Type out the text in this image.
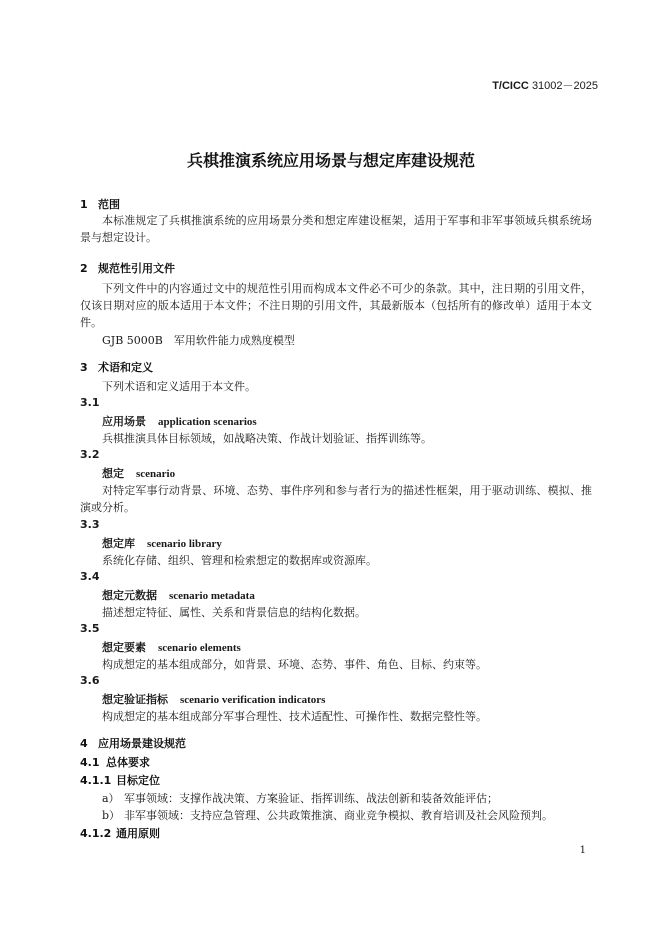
T/CICC 31002－2025
兵棋推演系统应用场景与想定库建设规范
1 范围
本标准规定了兵棋推演系统的应用场景分类和想定库建设框架，适用于军事和非军事领域兵棋系统场景与想定设计。
2 规范性引用文件
下列文件中的内容通过文中的规范性引用而构成本文件必不可少的条款。其中，注日期的引用文件，仅该日期对应的版本适用于本文件；不注日期的引用文件，其最新版本（包括所有的修改单）适用于本文件。
GJB 5000B　军用软件能力成熟度模型
3 术语和定义
下列术语和定义适用于本文件。
3.1
应用场景 application scenarios
兵棋推演具体目标领域，如战略决策、作战计划验证、指挥训练等。
3.2
想定 scenario
对特定军事行动背景、环境、态势、事件序列和参与者行为的描述性框架，用于驱动训练、模拟、推演或分析。
3.3
想定库 scenario library
系统化存储、组织、管理和检索想定的数据库或资源库。
3.4
想定元数据 scenario metadata
描述想定特征、属性、关系和背景信息的结构化数据。
3.5
想定要素 scenario elements
构成想定的基本组成部分，如背景、环境、态势、事件、角色、目标、约束等。
3.6
想定验证指标 scenario verification indicators
构成想定的基本组成部分军事合理性、技术适配性、可操作性、数据完整性等。
4 应用场景建设规范
4.1 总体要求
4.1.1 目标定位
a） 军事领域：支撑作战决策、方案验证、指挥训练、战法创新和装备效能评估；
b） 非军事领域：支持应急管理、公共政策推演、商业竞争模拟、教育培训及社会风险预判。
4.1.2 通用原则
1
